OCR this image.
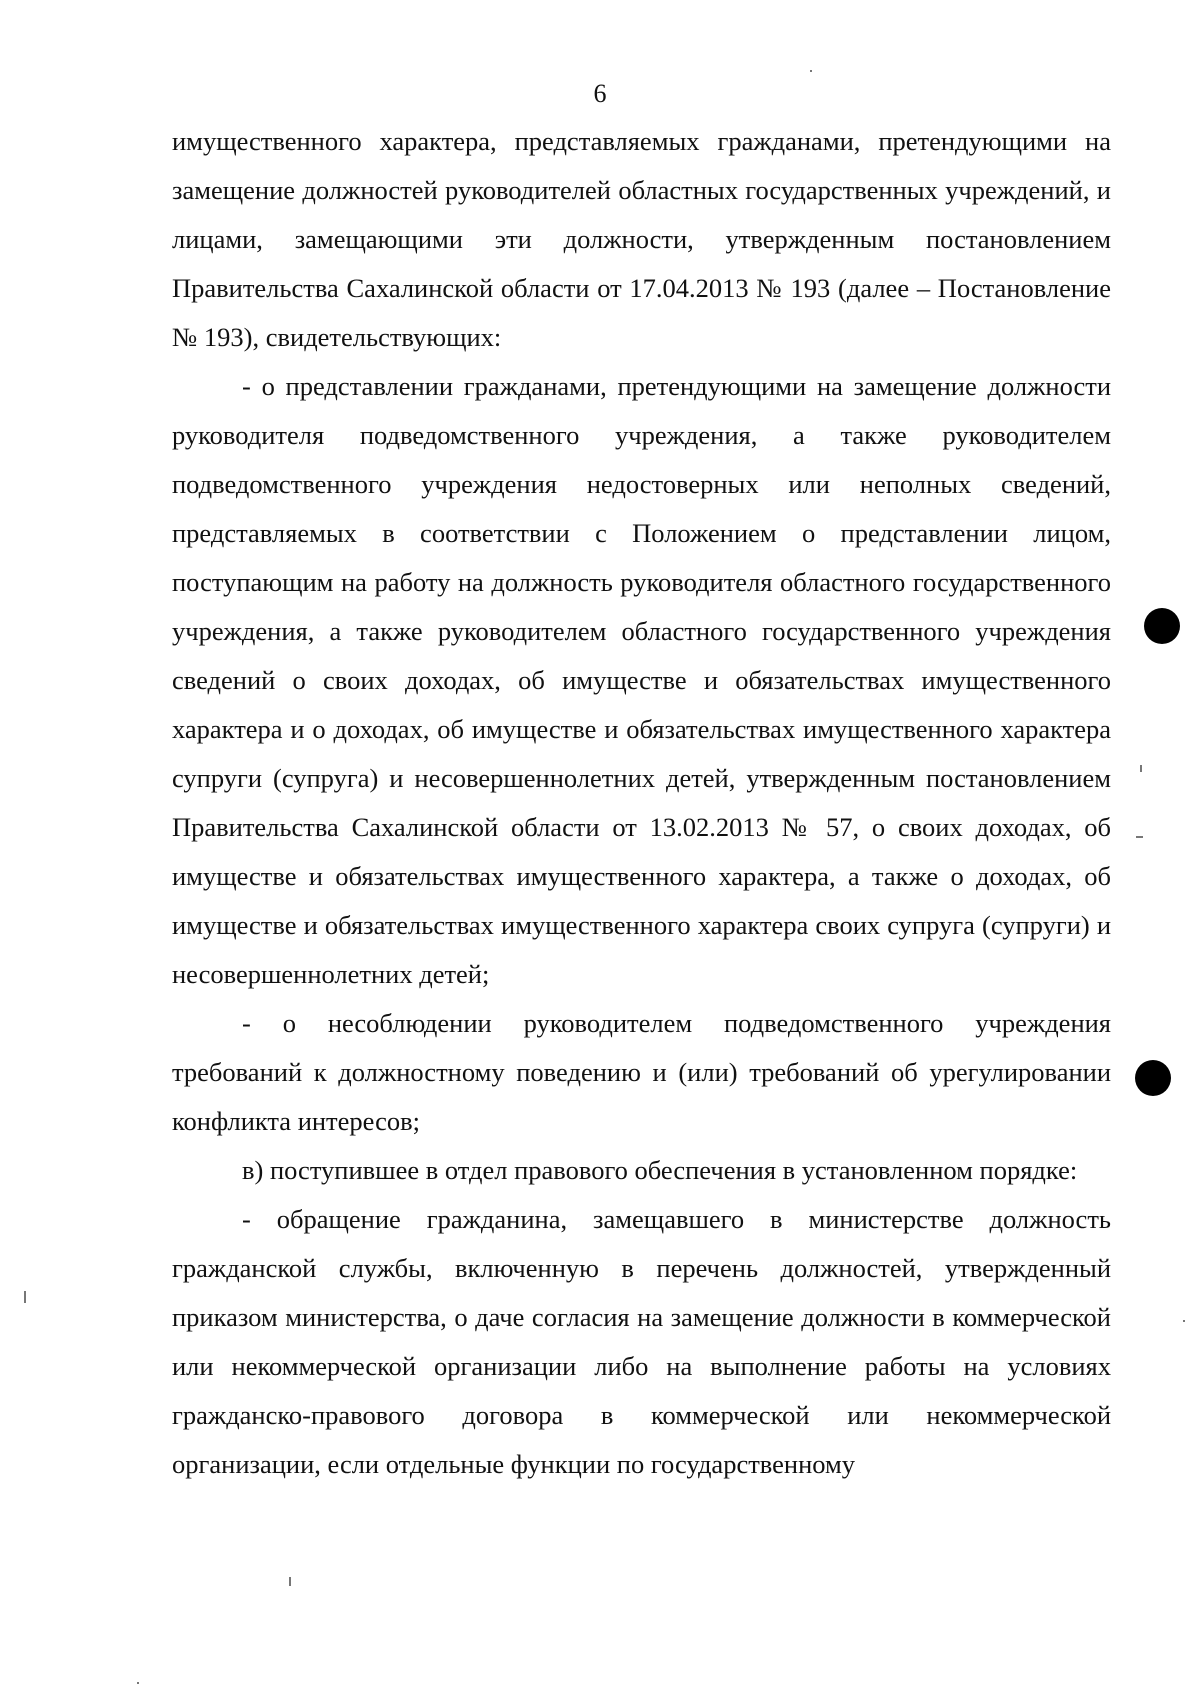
6

имущественного характера, представляемых гражданами, претендующими на замещение должностей руководителей областных государственных учреждений, и лицами, замещающими эти должности, утвержденным постановлением Правительства Сахалинской области от 17.04.2013 № 193 (далее – Постановление № 193), свидетельствующих:

- о представлении гражданами, претендующими на замещение должности руководителя подведомственного учреждения, а также руководителем подведомственного учреждения недостоверных или неполных сведений, представляемых в соответствии с Положением о представлении лицом, поступающим на работу на должность руководителя областного государственного учреждения, а также руководителем областного государственного учреждения сведений о своих доходах, об имуществе и обязательствах имущественного характера и о доходах, об имуществе и обязательствах имущественного характера супруги (супруга) и несовершеннолетних детей, утвержденным постановлением Правительства Сахалинской области от 13.02.2013 № 57, о своих доходах, об имуществе и обязательствах имущественного характера, а также о доходах, об имуществе и обязательствах имущественного характера своих супруга (супруги) и несовершеннолетних детей;

- о несоблюдении руководителем подведомственного учреждения требований к должностному поведению и (или) требований об урегулировании конфликта интересов;

в) поступившее в отдел правового обеспечения в установленном порядке:

- обращение гражданина, замещавшего в министерстве должность гражданской службы, включенную в перечень должностей, утвержденный приказом министерства, о даче согласия на замещение должности в коммерческой или некоммерческой организации либо на выполнение работы на условиях гражданско-правового договора в коммерческой или некоммерческой организации, если отдельные функции по государственному
